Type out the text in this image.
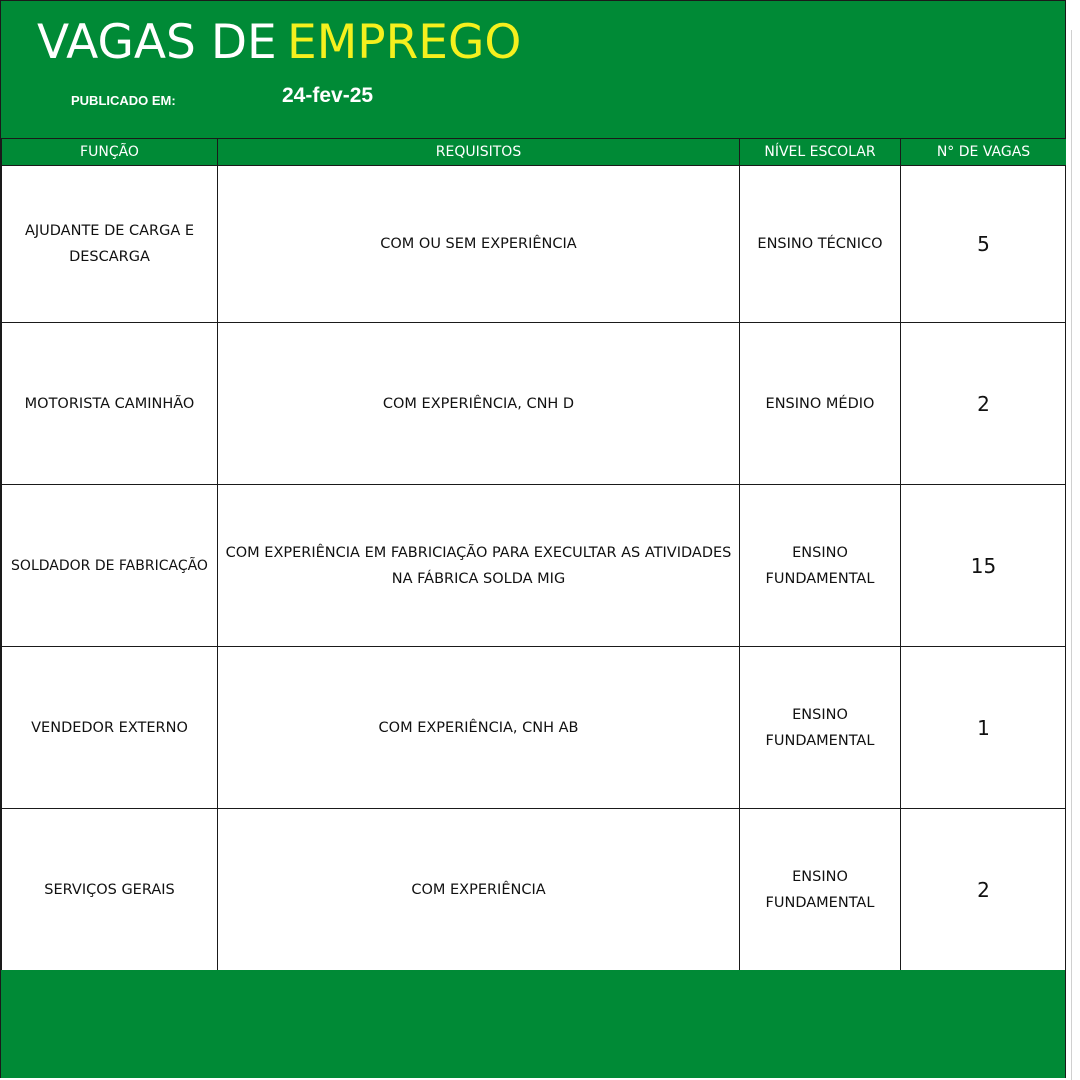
VAGAS DE EMPREGO
PUBLICADO EM:	24-fev-25
FUNÇÃO	REQUISITOS	NÍVEL ESCOLAR	N° DE VAGAS
AJUDANTE DE CARGA E DESCARGA	COM OU SEM EXPERIÊNCIA	ENSINO TÉCNICO	5
MOTORISTA CAMINHÃO	COM EXPERIÊNCIA, CNH D	ENSINO MÉDIO	2
SOLDADOR DE FABRICAÇÃO	COM EXPERIÊNCIA EM FABRICIAÇÃO PARA EXECULTAR AS ATIVIDADES NA FÁBRICA SOLDA MIG	ENSINO FUNDAMENTAL	15
VENDEDOR EXTERNO	COM EXPERIÊNCIA, CNH AB	ENSINO FUNDAMENTAL	1
SERVIÇOS GERAIS	COM EXPERIÊNCIA	ENSINO FUNDAMENTAL	2
